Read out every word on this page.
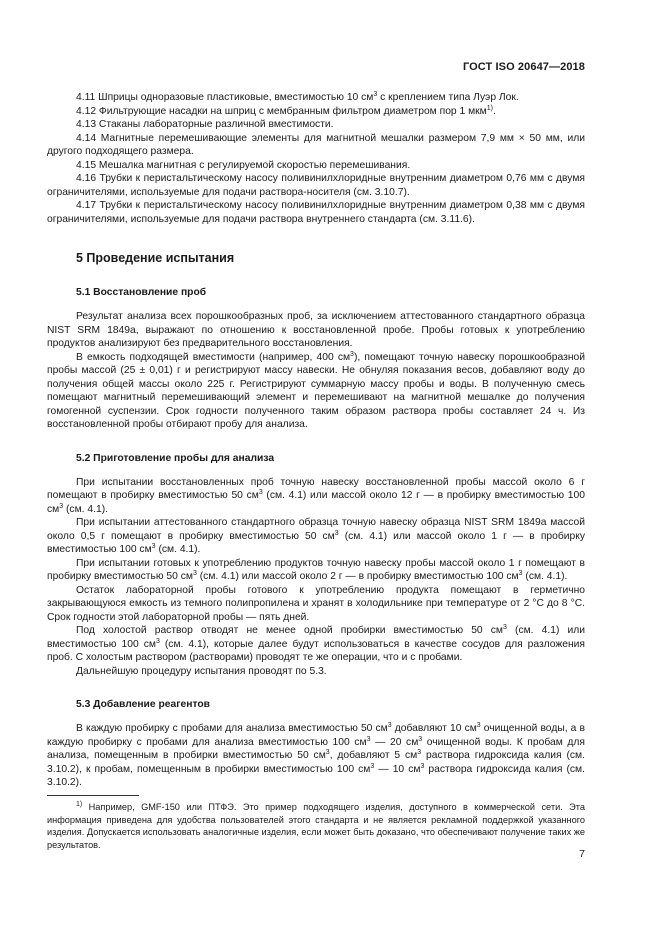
ГОСТ ISO 20647—2018

4.11 Шприцы одноразовые пластиковые, вместимостью 10 $см^3$ с креплением типа Луэр Лок.

4.12 Фильтрующие насадки на шприц с мембранным фильтром диаметром пор 1 мкм$^{1)}$.

4.13 Стаканы лабораторные различной вместимости.

4.14 Магнитные перемешивающие элементы для магнитной мешалки размером 7,9 мм × 50 мм, или другого подходящего размера.

4.15 Мешалка магнитная с регулируемой скоростью перемешивания.

4.16 Трубки к перистальтическому насосу поливинилхлоридные внутренним диаметром 0,76 мм с двумя ограничителями, используемые для подачи раствора-носителя (см. 3.10.7).

4.17 Трубки к перистальтическому насосу поливинилхлоридные внутренним диаметром 0,38 мм с двумя ограничителями, используемые для подачи раствора внутреннего стандарта (см. 3.11.6).

5 Проведение испытания
5.1 Восстановление проб

Результат анализа всех порошкообразных проб, за исключением аттестованного стандартного образца NIST SRM 1849a, выражают по отношению к восстановленной пробе. Пробы готовых к употреблению продуктов анализируют без предварительного восстановления.

В емкость подходящей вместимости (например, 400 $см^3$), помещают точную навеску порошкообразной пробы массой (25 ± 0,01) г и регистрируют массу навески. Не обнуляя показания весов, добавляют воду до получения общей массы около 225 г. Регистрируют суммарную массу пробы и воды. В полученную смесь помещают магнитный перемешивающий элемент и перемешивают на магнитной мешалке до получения гомогенной суспензии. Срок годности полученного таким образом раствора пробы составляет 24 ч. Из восстановленной пробы отбирают пробу для анализа.

5.2 Приготовление пробы для анализа

При испытании восстановленных проб точную навеску восстановленной пробы массой около 6 г помещают в пробирку вместимостью 50 $см^3$ (см. 4.1) или массой около 12 г — в пробирку вместимостью 100 $см^3$ (см. 4.1).

При испытании аттестованного стандартного образца точную навеску образца NIST SRM 1849a массой около 0,5 г помещают в пробирку вместимостью 50 $см^3$ (см. 4.1) или массой около 1 г — в пробирку вместимостью 100 $см^3$ (см. 4.1).

При испытании готовых к употреблению продуктов точную навеску пробы массой около 1 г помещают в пробирку вместимостью 50 $см^3$ (см. 4.1) или массой около 2 г — в пробирку вместимостью 100 $см^3$ (см. 4.1).

Остаток лабораторной пробы готового к употреблению продукта помещают в герметично закрывающуюся емкость из темного полипропилена и хранят в холодильнике при температуре от 2 °С до 8 °С. Срок годности этой лабораторной пробы — пять дней.

Под холостой раствор отводят не менее одной пробирки вместимостью 50 $см^3$ (см. 4.1) или вместимостью 100 $см^3$ (см. 4.1), которые далее будут использоваться в качестве сосудов для разложения проб. С холостым раствором (растворами) проводят те же операции, что и с пробами.

Дальнейшую процедуру испытания проводят по 5.3.

5.3 Добавление реагентов

В каждую пробирку с пробами для анализа вместимостью 50 $см^3$ добавляют 10 $см^3$ очищенной воды, а в каждую пробирку с пробами для анализа вместимостью 100 $см^3$ — 20 $см^3$ очищенной воды. К пробам для анализа, помещенным в пробирки вместимостью 50 $см^3$, добавляют 5 $см^3$ раствора гидроксида калия (см. 3.10.2), к пробам, помещенным в пробирки вместимостью 100 $см^3$ — 10 $см^3$ раствора гидроксида калия (см. 3.10.2).

$^{1)}$ Например, GMF-150 или ПТФЭ. Это пример подходящего изделия, доступного в коммерческой сети. Эта информация приведена для удобства пользователей этого стандарта и не является рекламной поддержкой указанного изделия. Допускается использовать аналогичные изделия, если может быть доказано, что обеспечивают получение таких же результатов.
7
